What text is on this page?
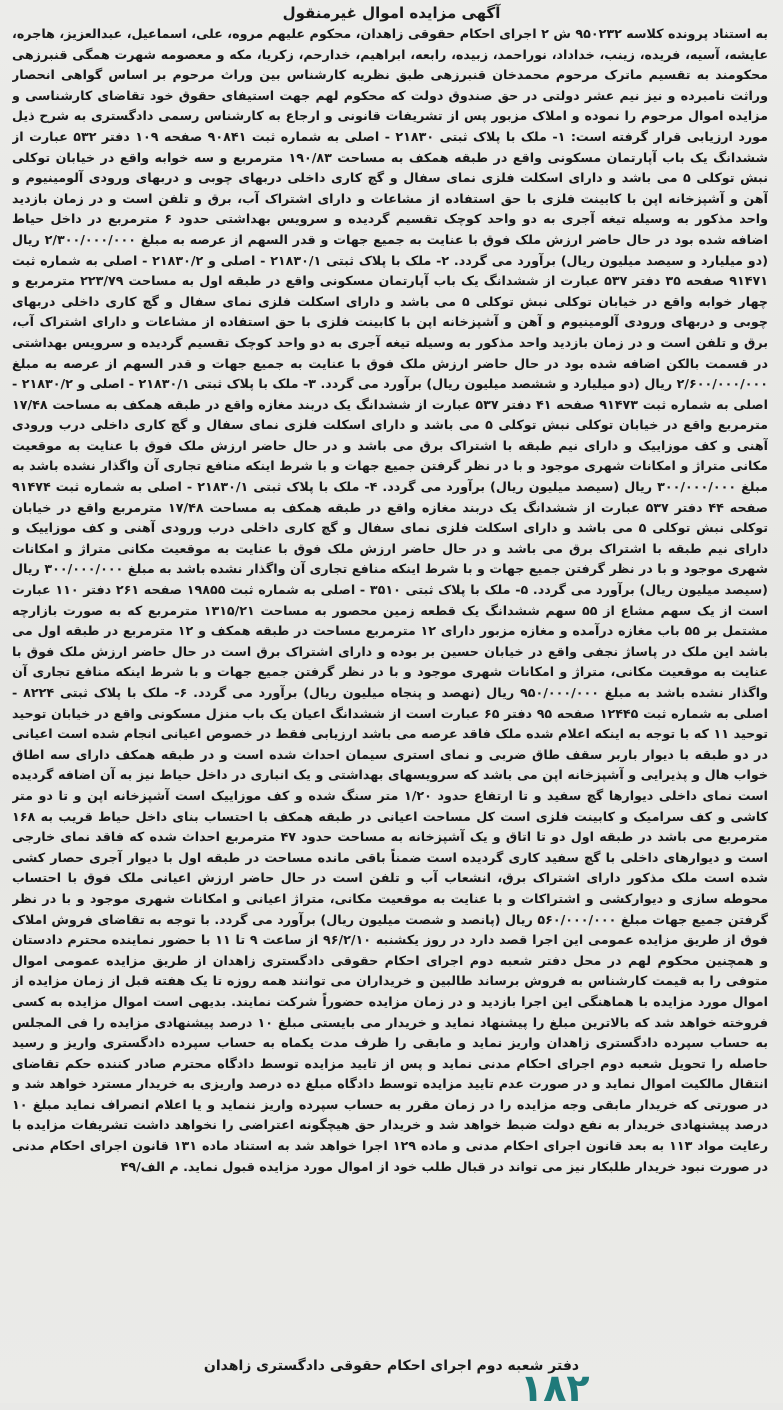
آگهی مزایده اموال غیرمنقول
به استناد پرونده کلاسه ۹۵۰۲۳۲ ش ۲ اجرای احکام حقوقی زاهدان، محکوم علیهم مروه، علی، اسماعیل، عبدالعزیز، هاجره، عایشه، آسیه، فریده، زینب، خداداد، نوراحمد، زبیده، رابعه، ابراهیم، خدارحم، زکریا، مکه و معصومه شهرت همگی قنبرزهی محکومند به تقسیم ماترک مرحوم محمدخان قنبرزهی طبق نظریه کارشناس بین وراث مرحوم بر اساس گواهی انحصار وراثت نامبرده و نیز نیم عشر دولتی در حق صندوق دولت که محکوم لهم جهت استیفای حقوق خود تقاضای کارشناسی و مزایده اموال مرحوم را نموده و املاک مزبور پس از تشریفات قانونی و ارجاع به کارشناس رسمی دادگستری به شرح ذیل مورد ارزیابی قرار گرفته است: ۱- ملک با پلاک ثبتی ۲۱۸۳۰ - اصلی به شماره ثبت ۹۰۸۴۱ صفحه ۱۰۹ دفتر ۵۳۲ عبارت از ششدانگ یک باب آپارتمان مسکونی واقع در طبقه همکف به مساحت ۱۹۰/۸۳ مترمربع و سه خوابه واقع در خیابان توکلی نبش توکلی ۵ می باشد و دارای اسکلت فلزی نمای سفال و گچ کاری داخلی دربهای چوبی و دربهای ورودی آلومینیوم و آهن و آشپزخانه اپن با کابینت فلزی با حق استفاده از مشاعات و دارای اشتراک آب، برق و تلفن است و در زمان بازدید واحد مذکور به وسیله تیغه آجری به دو واحد کوچک تقسیم گردیده و سرویس بهداشتی حدود ۶ مترمربع در داخل حیاط اضافه شده بود در حال حاضر ارزش ملک فوق با عنایت به جمیع جهات و قدر السهم از عرصه به مبلغ ۲/۳۰۰/۰۰۰/۰۰۰ ریال (دو میلیارد و سیصد میلیون ریال) برآورد می گردد. ۲- ملک با پلاک ثبتی ۲۱۸۳۰/۱ - اصلی و ۲۱۸۳۰/۲ - اصلی به شماره ثبت ۹۱۴۷۱ صفحه ۳۵ دفتر ۵۳۷ عبارت از ششدانگ یک باب آپارتمان مسکونی واقع در طبقه اول به مساحت ۲۲۳/۷۹ مترمربع و چهار خوابه واقع در خیابان توکلی نبش توکلی ۵ می باشد و دارای اسکلت فلزی نمای سفال و گچ کاری داخلی دربهای چوبی و دربهای ورودی آلومینیوم و آهن و آشپزخانه اپن با کابینت فلزی با حق استفاده از مشاعات و دارای اشتراک آب، برق و تلفن است و در زمان بازدید واحد مذکور به وسیله تیغه آجری به دو واحد کوچک تقسیم گردیده و سرویس بهداشتی در قسمت بالکن اضافه شده بود در حال حاضر ارزش ملک فوق با عنایت به جمیع جهات و قدر السهم از عرصه به مبلغ ۲/۶۰۰/۰۰۰/۰۰۰ ریال (دو میلیارد و ششصد میلیون ریال) برآورد می گردد. ۳- ملک با پلاک ثبتی ۲۱۸۳۰/۱ - اصلی و ۲۱۸۳۰/۲ - اصلی به شماره ثبت ۹۱۴۷۳ صفحه ۴۱ دفتر ۵۳۷ عبارت از ششدانگ یک دربند مغازه واقع در طبقه همکف به مساحت ۱۷/۴۸ مترمربع واقع در خیابان توکلی نبش توکلی ۵ می باشد و دارای اسکلت فلزی نمای سفال و گچ کاری داخلی درب ورودی آهنی و کف موزاییک و دارای نیم طبقه با اشتراک برق می باشد و در حال حاضر ارزش ملک فوق با عنایت به موقعیت مکانی متراژ و امکانات شهری موجود و با در نظر گرفتن جمیع جهات و با شرط اینکه منافع تجاری آن واگذار نشده باشد به مبلغ ۳۰۰/۰۰۰/۰۰۰ ریال (سیصد میلیون ریال) برآورد می گردد. ۴- ملک با پلاک ثبتی ۲۱۸۳۰/۱ - اصلی به شماره ثبت ۹۱۴۷۴ صفحه ۴۴ دفتر ۵۳۷ عبارت از ششدانگ یک دربند مغازه واقع در طبقه همکف به مساحت ۱۷/۴۸ مترمربع واقع در خیابان توکلی نبش توکلی ۵ می باشد و دارای اسکلت فلزی نمای سفال و گچ کاری داخلی درب ورودی آهنی و کف موزاییک و دارای نیم طبقه با اشتراک برق می باشد و در حال حاضر ارزش ملک فوق با عنایت به موقعیت مکانی متراژ و امکانات شهری موجود و با در نظر گرفتن جمیع جهات و با شرط اینکه منافع تجاری آن واگذار نشده باشد به مبلغ ۳۰۰/۰۰۰/۰۰۰ ریال (سیصد میلیون ریال) برآورد می گردد. ۵- ملک با پلاک ثبتی ۳۵۱۰ - اصلی به شماره ثبت ۱۹۸۵۵ صفحه ۲۶۱ دفتر ۱۱۰ عبارت است از یک سهم مشاع از ۵۵ سهم ششدانگ یک قطعه زمین محصور به مساحت ۱۳۱۵/۲۱ مترمربع که به صورت بازارچه مشتمل بر ۵۵ باب مغازه درآمده و مغازه مزبور دارای ۱۲ مترمربع مساحت در طبقه همکف و ۱۲ مترمربع در طبقه اول می باشد این ملک در پاساژ نجفی واقع در خیابان حسین بر بوده و دارای اشتراک برق است در حال حاضر ارزش ملک فوق با عنایت به موقعیت مکانی، متراژ و امکانات شهری موجود و با در نظر گرفتن جمیع جهات و با شرط اینکه منافع تجاری آن واگذار نشده باشد به مبلغ ۹۵۰/۰۰۰/۰۰۰ ریال (نهصد و پنجاه میلیون ریال) برآورد می گردد. ۶- ملک با پلاک ثبتی ۸۲۲۴ - اصلی به شماره ثبت ۱۲۴۴۵ صفحه ۹۵ دفتر ۶۵ عبارت است از ششدانگ اعیان یک باب منزل مسکونی واقع در خیابان توحید توحید ۱۱ که با توجه به اینکه اعلام شده ملک فاقد عرصه می باشد ارزیابی فقط در خصوص اعیانی انجام شده است اعیانی در دو طبقه با دیوار باربر سقف طاق ضربی و نمای استری سیمان احداث شده است و در طبقه همکف دارای سه اطاق خواب هال و پذیرایی و آشپزخانه اپن می باشد که سرویسهای بهداشتی و یک انباری در داخل حیاط نیز به آن اضافه گردیده است نمای داخلی دیوارها گچ سفید و تا ارتفاع حدود ۱/۲۰ متر سنگ شده و کف موزاییک است آشپزخانه اپن و تا دو متر کاشی و کف سرامیک و کابینت فلزی است کل مساحت اعیانی در طبقه همکف با احتساب بنای داخل حیاط قریب به ۱۶۸ مترمربع می باشد در طبقه اول دو تا اتاق و یک آشپزخانه به مساحت حدود ۴۷ مترمربع احداث شده که فاقد نمای خارجی است و دیوارهای داخلی با گچ سفید کاری گردیده است ضمناً باقی مانده مساحت در طبقه اول با دیوار آجری حصار کشی شده است ملک مذکور دارای اشتراک برق، انشعاب آب و تلفن است در حال حاضر ارزش اعیانی ملک فوق با احتساب محوطه سازی و دیوارکشی و اشتراکات و با عنایت به موقعیت مکانی، متراژ اعیانی و امکانات شهری موجود و با در نظر گرفتن جمیع جهات مبلغ ۵۶۰/۰۰۰/۰۰۰ ریال (پانصد و شصت میلیون ریال) برآورد می گردد. با توجه به تقاضای فروش املاک فوق از طریق مزایده عمومی این اجرا قصد دارد در روز یکشنبه ۹۶/۲/۱۰ از ساعت ۹ تا ۱۱ با حضور نماینده محترم دادستان و همچنین محکوم لهم در محل دفتر شعبه دوم اجرای احکام حقوقی دادگستری زاهدان از طریق مزایده عمومی اموال متوفی را به قیمت کارشناس به فروش برساند طالبین و خریداران می توانند همه روزه تا یک هفته قبل از زمان مزایده از اموال مورد مزایده با هماهنگی این اجرا بازدید و در زمان مزایده حضوراً شرکت نمایند. بدیهی است اموال مزایده به کسی فروخته خواهد شد که بالاترین مبلغ را پیشنهاد نماید و خریدار می بایستی مبلغ ۱۰ درصد پیشنهادی مزایده را فی المجلس به حساب سپرده دادگستری زاهدان واریز نماید و مابقی را ظرف مدت یکماه به حساب سپرده دادگستری واریز و رسید حاصله را تحویل شعبه دوم اجرای احکام مدنی نماید و پس از تایید مزایده توسط دادگاه محترم صادر کننده حکم تقاضای انتقال مالکیت اموال نماید و در صورت عدم تایید مزایده توسط دادگاه مبلغ ده درصد واریزی به خریدار مسترد خواهد شد و در صورتی که خریدار مابقی وجه مزایده را در زمان مقرر به حساب سپرده واریز ننماید و یا اعلام انصراف نماید مبلغ ۱۰ درصد پیشنهادی خریدار به نفع دولت ضبط خواهد شد و خریدار حق هیچگونه اعتراضی را نخواهد داشت تشریفات مزایده با رعایت مواد ۱۱۳ به بعد قانون اجرای احکام مدنی و ماده ۱۲۹ اجرا خواهد شد به استناد ماده ۱۳۱ قانون اجرای احکام مدنی در صورت نبود خریدار طلبکار نیز می تواند در قبال طلب خود از اموال مورد مزایده قبول نماید. م الف/۴۹
دفتر شعبه دوم اجرای احکام حقوقی دادگستری زاهدان
۱۸۲
